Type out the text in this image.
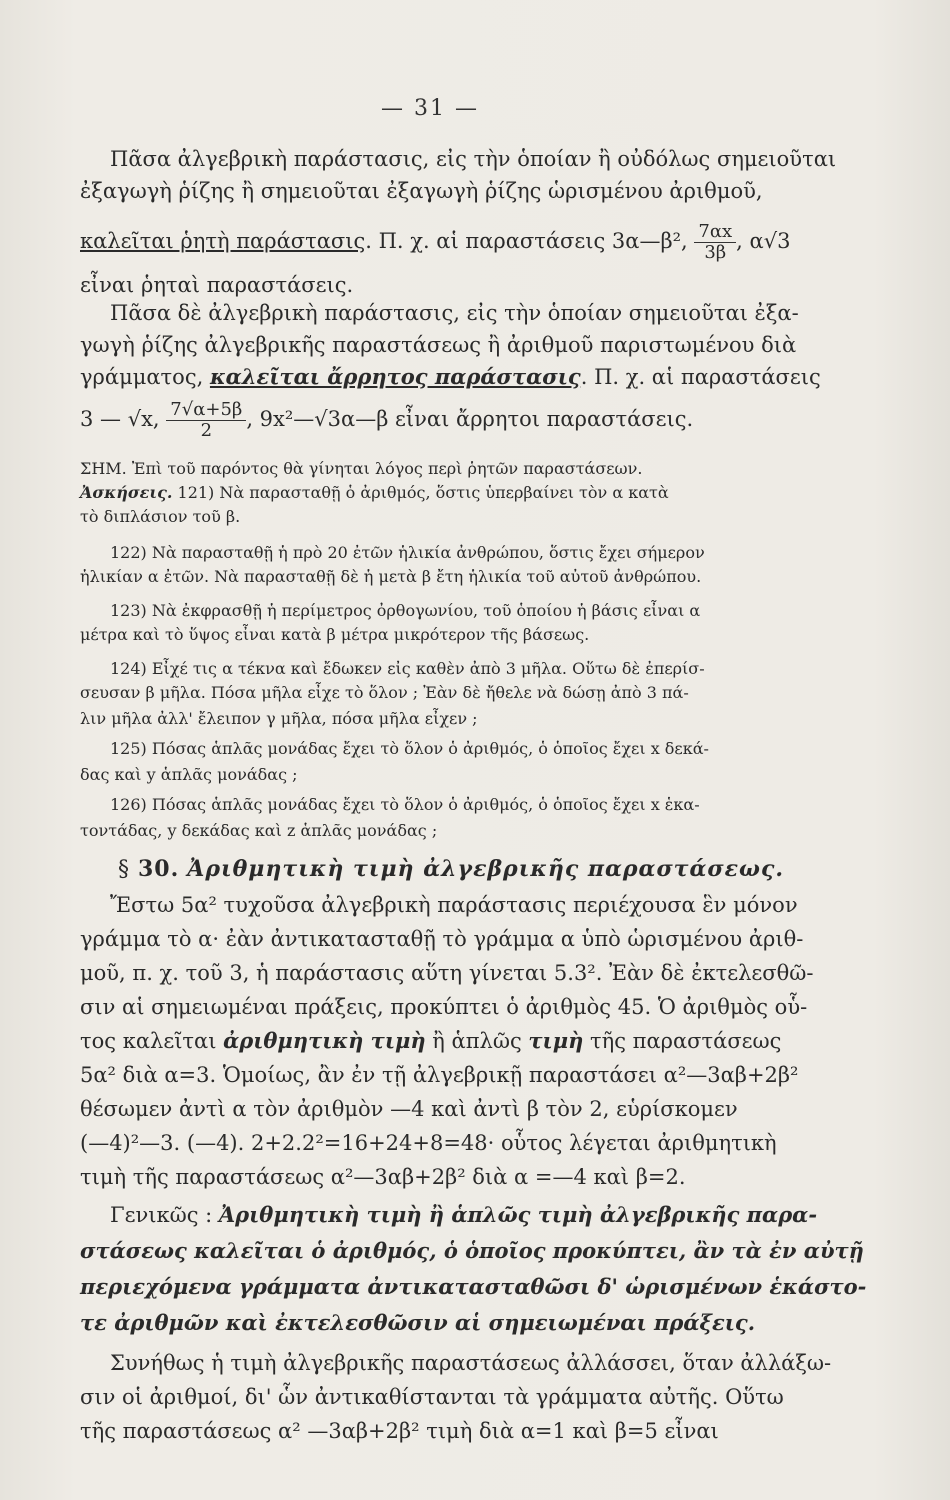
— 31 —
Πᾶσα ἀλγεβρικὴ παράστασις, εἰς τὴν ὁποίαν ἢ οὐδόλως σημειοῦται
ἐξαγωγὴ ῥίζης ἢ σημειοῦται ἐξαγωγὴ ῥίζης ὡρισμένου ἀριθμοῦ,
καλεῖται ῥητὴ παράστασις. Π. χ. αἱ παραστάσεις 3α—β², $\frac{7\alpha x}{3\beta}$ , α√3
εἶναι ῥηταὶ παραστάσεις.
Πᾶσα δὲ ἀλγεβρικὴ παράστασις, εἰς τὴν ὁποίαν σημειοῦται ἐξα-
γωγὴ ῥίζης ἀλγεβρικῆς παραστάσεως ἢ ἀριθμοῦ παριστωμένου διὰ
γράμματος, καλεῖται ἄρρητος παράστασις. Π. χ. αἱ παραστάσεις
3 — √x, $\frac{7√\alpha+5\beta}{2}$ , 9x²—√3α—β εἶναι ἄρρητοι παραστάσεις.
ΣΗΜ. Ἐπὶ τοῦ παρόντος θὰ γίνηται λόγος περὶ ῥητῶν παραστάσεων.
Ἀσκήσεις. 121) Νὰ παρασταθῇ ὁ ἀριθμός, ὅστις ὑπερβαίνει τὸν α κατὰ
τὸ διπλάσιον τοῦ β.
122) Νὰ παρασταθῇ ἡ πρὸ 20 ἐτῶν ἡλικία ἀνθρώπου, ὅστις ἔχει σήμερον
ἡλικίαν α ἐτῶν. Νὰ παρασταθῇ δὲ ἡ μετὰ β ἔτη ἡλικία τοῦ αὐτοῦ ἀνθρώπου.
123) Νὰ ἐκφρασθῇ ἡ περίμετρος ὀρθογωνίου, τοῦ ὁποίου ἡ βάσις εἶναι α
μέτρα καὶ τὸ ὕψος εἶναι κατὰ β μέτρα μικρότερον τῆς βάσεως.
124) Εἶχέ τις α τέκνα καὶ ἔδωκεν εἰς καθὲν ἀπὸ 3 μῆλα. Οὕτω δὲ ἐπερίσ-
σευσαν β μῆλα. Πόσα μῆλα εἶχε τὸ ὅλον ; Ἐὰν δὲ ἤθελε νὰ δώσῃ ἀπὸ 3 πά-
λιν μῆλα ἀλλ' ἔλειπον γ μῆλα, πόσα μῆλα εἶχεν ;
125) Πόσας ἁπλᾶς μονάδας ἔχει τὸ ὅλον ὁ ἀριθμός, ὁ ὁποῖος ἔχει x δεκά-
δας καὶ y ἁπλᾶς μονάδας ;
126) Πόσας ἁπλᾶς μονάδας ἔχει τὸ ὅλον ὁ ἀριθμός, ὁ ὁποῖος ἔχει x ἑκα-
τοντάδας, y δεκάδας καὶ z ἁπλᾶς μονάδας ;
§ 30. Ἀριθμητικὴ τιμὴ ἀλγεβρικῆς παραστάσεως.
Ἔστω 5α² τυχοῦσα ἀλγεβρικὴ παράστασις περιέχουσα ἓν μόνον
γράμμα τὸ α· ἐὰν ἀντικατασταθῇ τὸ γράμμα α ὑπὸ ὡρισμένου ἀριθ-
μοῦ, π. χ. τοῦ 3, ἡ παράστασις αὕτη γίνεται 5.3². Ἐὰν δὲ ἐκτελεσθῶ-
σιν αἱ σημειωμέναι πράξεις, προκύπτει ὁ ἀριθμὸς 45. Ὁ ἀριθμὸς οὗ-
τος καλεῖται ἀριθμητικὴ τιμὴ ἢ ἁπλῶς τιμὴ τῆς παραστάσεως
5α² διὰ α=3. Ὁμοίως, ἂν ἐν τῇ ἀλγεβρικῇ παραστάσει α²—3αβ+2β²
θέσωμεν ἀντὶ α τὸν ἀριθμὸν —4 καὶ ἀντὶ β τὸν 2, εὑρίσκομεν
(—4)²—3. (—4). 2+2.2²=16+24+8=48· οὗτος λέγεται ἀριθμητικὴ
τιμὴ τῆς παραστάσεως α²—3αβ+2β² διὰ α =—4 καὶ β=2.
Γενικῶς : Ἀριθμητικὴ τιμὴ ἢ ἁπλῶς τιμὴ ἀλγεβρικῆς παρα-
στάσεως καλεῖται ὁ ἀριθμός, ὁ ὁποῖος προκύπτει, ἂν τὰ ἐν αὐτῇ
περιεχόμενα γράμματα ἀντικατασταθῶσι δ' ὡρισμένων ἑκάστο-
τε ἀριθμῶν καὶ ἐκτελεσθῶσιν αἱ σημειωμέναι πράξεις.
Συνήθως ἡ τιμὴ ἀλγεβρικῆς παραστάσεως ἀλλάσσει, ὅταν ἀλλάξω-
σιν οἱ ἀριθμοί, δι' ὧν ἀντικαθίστανται τὰ γράμματα αὐτῆς. Οὕτω
τῆς παραστάσεως α² —3αβ+2β² τιμὴ διὰ α=1 καὶ β=5 εἶναι
